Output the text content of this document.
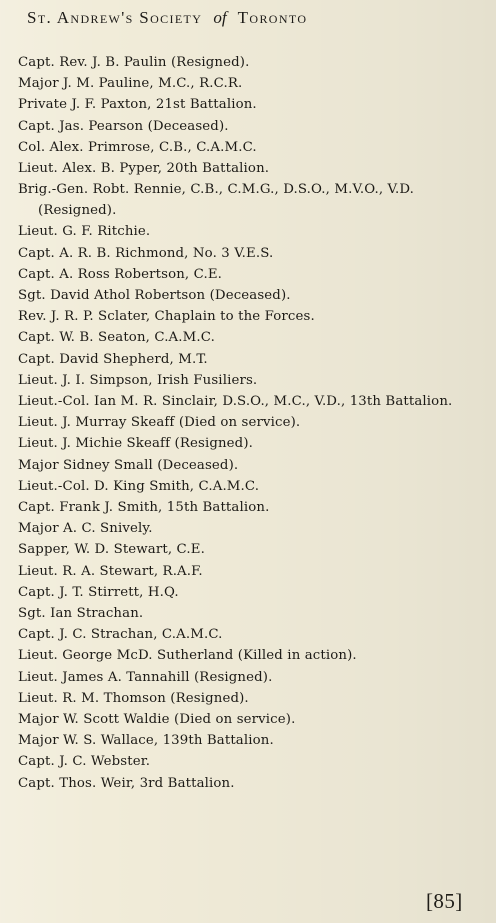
St. Andrew's Society of Toronto
Capt. Rev. J. B. Paulin (Resigned).
Major J. M. Pauline, M.C., R.C.R.
Private J. F. Paxton, 21st Battalion.
Capt. Jas. Pearson (Deceased).
Col. Alex. Primrose, C.B., C.A.M.C.
Lieut. Alex. B. Pyper, 20th Battalion.
Brig.-Gen. Robt. Rennie, C.B., C.M.G., D.S.O., M.V.O., V.D. (Resigned).
Lieut. G. F. Ritchie.
Capt. A. R. B. Richmond, No. 3 V.E.S.
Capt. A. Ross Robertson, C.E.
Sgt. David Athol Robertson (Deceased).
Rev. J. R. P. Sclater, Chaplain to the Forces.
Capt. W. B. Seaton, C.A.M.C.
Capt. David Shepherd, M.T.
Lieut. J. I. Simpson, Irish Fusiliers.
Lieut.-Col. Ian M. R. Sinclair, D.S.O., M.C., V.D., 13th Battalion.
Lieut. J. Murray Skeaff (Died on service).
Lieut. J. Michie Skeaff (Resigned).
Major Sidney Small (Deceased).
Lieut.-Col. D. King Smith, C.A.M.C.
Capt. Frank J. Smith, 15th Battalion.
Major A. C. Snively.
Sapper, W. D. Stewart, C.E.
Lieut. R. A. Stewart, R.A.F.
Capt. J. T. Stirrett, H.Q.
Sgt. Ian Strachan.
Capt. J. C. Strachan, C.A.M.C.
Lieut. George McD. Sutherland (Killed in action).
Lieut. James A. Tannahill (Resigned).
Lieut. R. M. Thomson (Resigned).
Major W. Scott Waldie (Died on service).
Major W. S. Wallace, 139th Battalion.
Capt. J. C. Webster.
Capt. Thos. Weir, 3rd Battalion.
[85]
